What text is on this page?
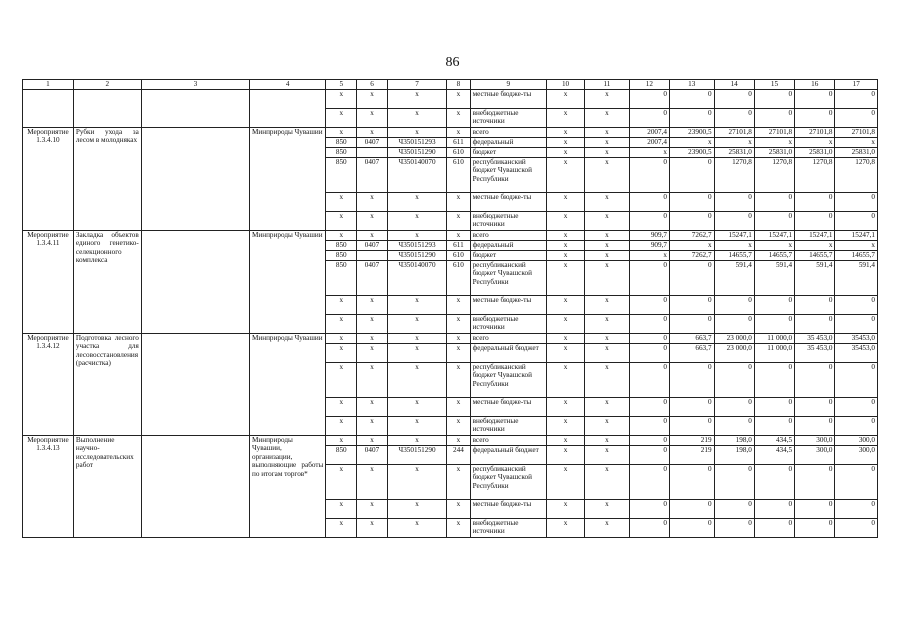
86
1	2	3	4	5	6	7	8	9	10	11	12	13	14	15	16	17
				x	x	x	x	местные бюдже-ты	x	x	0	0	0	0	0	0
				x	x	x	x	внебюджетные источники	x	x	0	0	0	0	0	0
Мероприятие 1.3.4.10	Рубки ухода за лесом в молодняках		Минприроды Чувашии	x	x	x	x	всего	x	x	2007,4	23900,5	27101,8	27101,8	27101,8	27101,8
				850	0407	Ч350151293	611	федеральный	x	x	2007,4	x	x	x	x	x
				850		Ч350151290	610	бюджет	x	x	x	23900,5	25831,0	25831,0	25831,0	25831,0
				850	0407	Ч350140070	610	республиканский бюджет Чувашской Республики	x	x	0	0	1270,8	1270,8	1270,8	1270,8
				x	x	x	x	местные бюдже-ты	x	x	0	0	0	0	0	0
				x	x	x	x	внебюджетные источники	x	x	0	0	0	0	0	0
Мероприятие 1.3.4.11	Закладка объектов единого генетико-селекционного комплекса		Минприроды Чувашии	x	x	x	x	всего	x	x	909,7	7262,7	15247,1	15247,1	15247,1	15247,1
				850	0407	Ч350151293	611	федеральный	x	x	909,7	x	x	x	x	x
				850		Ч350151290	610	бюджет	x	x	x	7262,7	14655,7	14655,7	14655,7	14655,7
				850	0407	Ч350140070	610	республиканский бюджет Чувашской Республики	x	x	0	0	591,4	591,4	591,4	591,4
				x	x	x	x	местные бюдже-ты	x	x	0	0	0	0	0	0
				x	x	x	x	внебюджетные источники	x	x	0	0	0	0	0	0
Мероприятие 1.3.4.12	Подготовка лесного участка для лесовосстановления (расчистка)		Минприроды Чувашии	x	x	x	x	всего	x	x	0	663,7	23 000,0	11 000,0	35 453,0	35453,0
				x	x	x	x	федеральный бюджет	x	x	0	663,7	23 000,0	11 000,0	35 453,0	35453,0
				x	x	x	x	республиканский бюджет Чувашской Республики	x	x	0	0	0	0	0	0
				x	x	x	x	местные бюдже-ты	x	x	0	0	0	0	0	0
				x	x	x	x	внебюджетные источники	x	x	0	0	0	0	0	0
Мероприятие 1.3.4.13	Выполнение научно-исследовательских работ		Минприроды Чувашии, организации, выполняющие работы по итогам торгов*	x	x	x	x	всего	x	x	0	219	198,0	434,5	300,0	300,0
				850	0407	Ч350151290	244	федеральный бюджет	x	x	0	219	198,0	434,5	300,0	300,0
				x	x	x	x	республиканский бюджет Чувашской Республики	x	x	0	0	0	0	0	0
				x	x	x	x	местные бюдже-ты	x	x	0	0	0	0	0	0
				x	x	x	x	внебюджетные источники	x	x	0	0	0	0	0	0
